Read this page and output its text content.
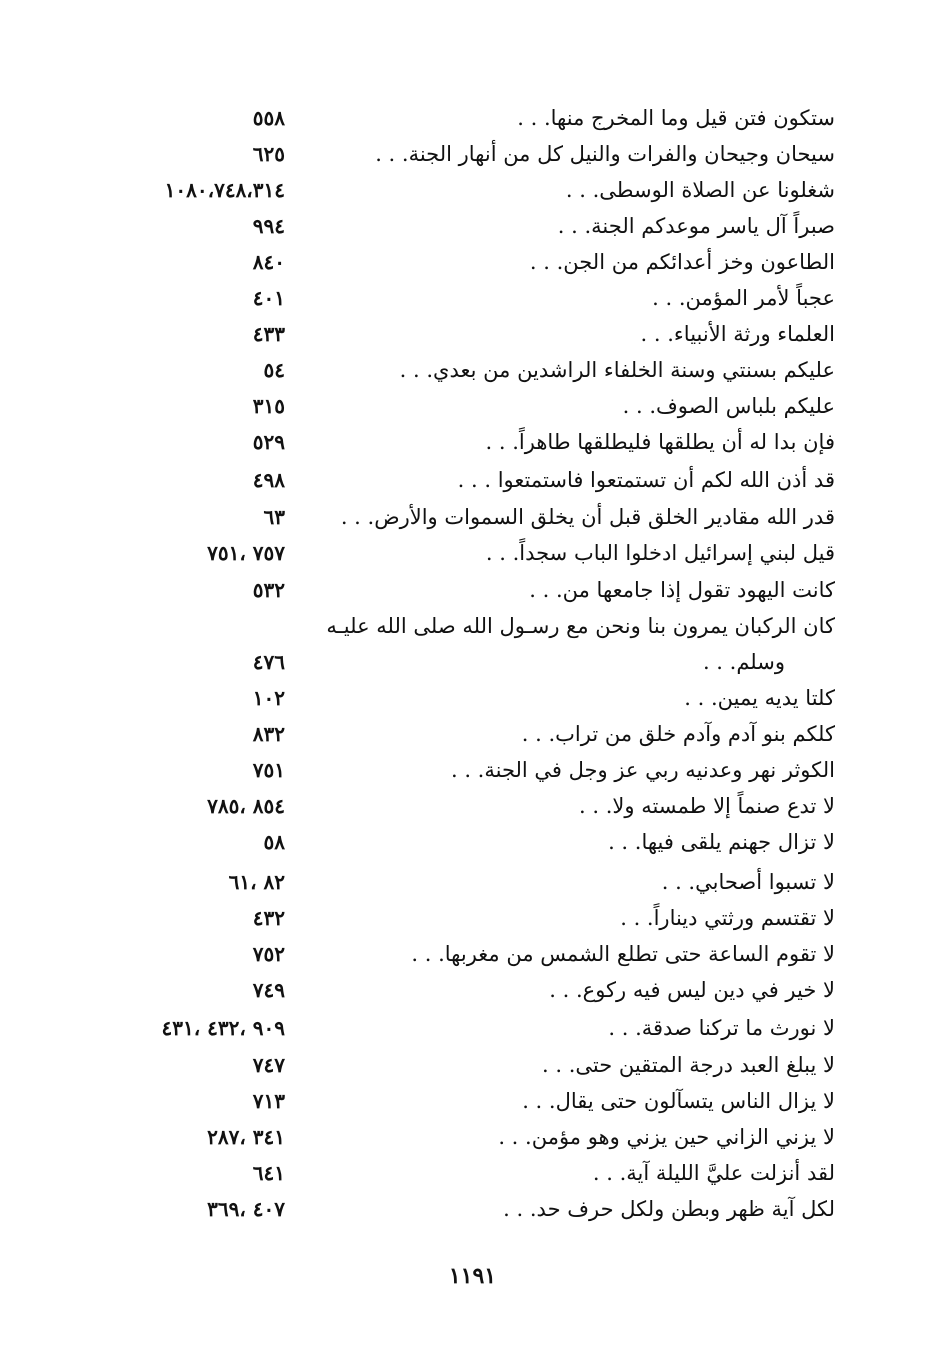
ستكون فتن قيل وما المخرج منها. . .
٥٥٨
سيحان وجيحان والفرات والنيل كل من أنهار الجنة. . .
٦٢٥
شغلونا عن الصلاة الوسطى. . .
١٠٨٠،٧٤٨،٣١٤
صبراً آل ياسر موعدكم الجنة. . .
٩٩٤
الطاعون وخز أعدائكم من الجن. . .
٨٤٠
عجباً لأمر المؤمن. . .
٤٠١
العلماء ورثة الأنبياء. . .
٤٣٣
عليكم بسنتي وسنة الخلفاء الراشدين من بعدي. . .
٥٤
عليكم بلباس الصوف. . .
٣١٥
فإن بدا له أن يطلقها فليطلقها طاهراً. . .
٥٢٩
قد أذن الله لكم أن تستمتعوا فاستمتعوا . . .
٤٩٨
قدر الله مقادير الخلق قبل أن يخلق السموات والأرض. . .
٦٣
قيل لبني إسرائيل ادخلوا الباب سجداً. . .
٧٥٧ ،٧٥١
كانت اليهود تقول إذا جامعها من. . .
٥٣٢
كان الركبان يمرون بنا ونحن مع رسـول الله صلى الله عليـه
وسلم. . .
٤٧٦
كلتا يديه يمين. . .
١٠٢
كلكم بنو آدم وآدم خلق من تراب. . .
٨٣٢
الكوثر نهر وعدنيه ربي عز وجل في الجنة. . .
٧٥١
لا تدع صنماً إلا طمسته ولا. . .
٨٥٤ ،٧٨٥
لا تزال جهنم يلقى فيها. . .
٥٨
لا تسبوا أصحابي. . .
٨٢ ،٦١
لا تقتسم ورثتي ديناراً. . .
٤٣٢
لا تقوم الساعة حتى تطلع الشمس من مغربها. . .
٧٥٢
لا خير في دين ليس فيه ركوع. . .
٧٤٩
لا نورث ما تركنا صدقة. . .
٩٠٩ ،٤٣٢ ،٤٣١
لا يبلغ العبد درجة المتقين حتى. . .
٧٤٧
لا يزال الناس يتسآلون حتى يقال. . .
٧١٣
لا يزني الزاني حين يزني وهو مؤمن. . .
٣٤١ ،٢٨٧
لقد أنزلت عليَّ الليلة آية. . .
٦٤١
لكل آية ظهر وبطن ولكل حرف حد. . .
٤٠٧ ،٣٦٩
١١٩١
